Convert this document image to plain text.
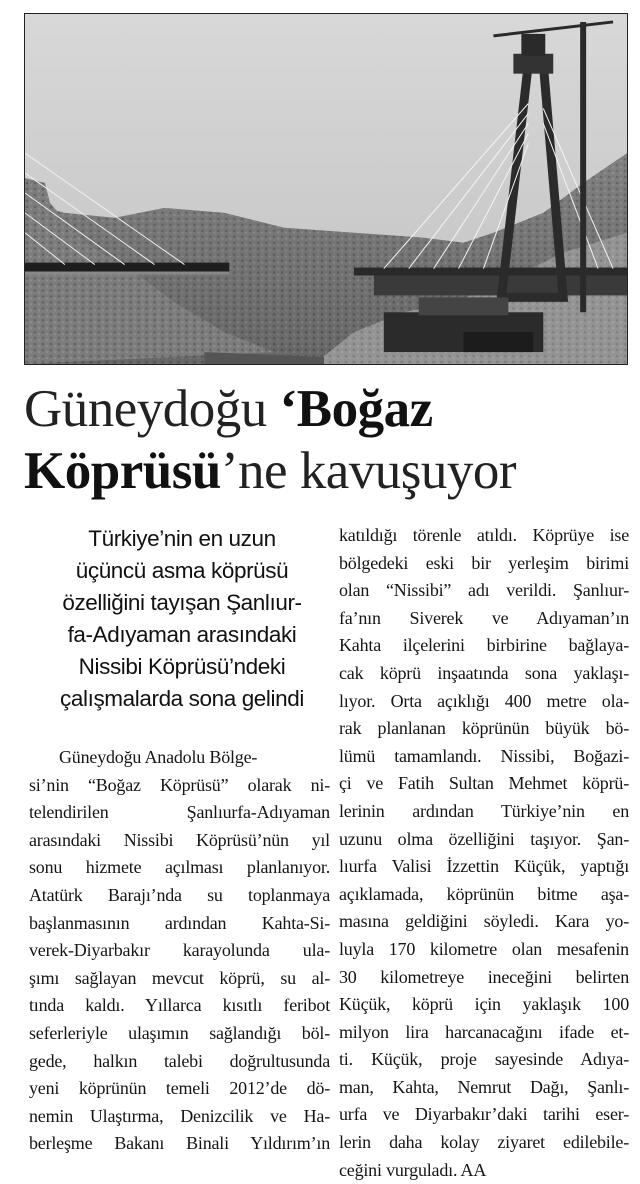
Güneydoğu ‘Boğaz
Köprüsü’ne kavuşuyor
Türkiye’nin en uzun
üçüncü asma köprüsü
özelliğini tayışan Şanlıur-
fa-Adıyaman arasındaki
Nissibi Köprüsü’ndeki
çalışmalarda sona gelindi
Güneydoğu Anadolu Bölge-
si’nin “Boğaz Köprüsü” olarak ni-
telendirilen Şanlıurfa-Adıyaman
arasındaki Nissibi Köprüsü’nün yıl
sonu hizmete açılması planlanıyor.
Atatürk Barajı’nda su toplanmaya
başlanmasının ardından Kahta-Si-
verek-Diyarbakır karayolunda ula-
şımı sağlayan mevcut köprü, su al-
tında kaldı. Yıllarca kısıtlı feribot
seferleriyle ulaşımın sağlandığı böl-
gede, halkın talebi doğrultusunda
yeni köprünün temeli 2012’de dö-
nemin Ulaştırma, Denizcilik ve Ha-
berleşme Bakanı Binali Yıldırım’ın
katıldığı törenle atıldı. Köprüye ise
bölgedeki eski bir yerleşim birimi
olan “Nissibi” adı verildi. Şanlıur-
fa’nın Siverek ve Adıyaman’ın
Kahta ilçelerini birbirine bağlaya-
cak köprü inşaatında sona yaklaşı-
lıyor. Orta açıklığı 400 metre ola-
rak planlanan köprünün büyük bö-
lümü tamamlandı. Nissibi, Boğazi-
çi ve Fatih Sultan Mehmet köprü-
lerinin ardından Türkiye’nin en
uzunu olma özelliğini taşıyor. Şan-
lıurfa Valisi İzzettin Küçük, yaptığı
açıklamada, köprünün bitme aşa-
masına geldiğini söyledi. Kara yo-
luyla 170 kilometre olan mesafenin
30 kilometreye ineceğini belirten
Küçük, köprü için yaklaşık 100
milyon lira harcanacağını ifade et-
ti. Küçük, proje sayesinde Adıya-
man, Kahta, Nemrut Dağı, Şanlı-
urfa ve Diyarbakır’daki tarihi eser-
lerin daha kolay ziyaret edilebile-
ceğini vurguladı. AA
